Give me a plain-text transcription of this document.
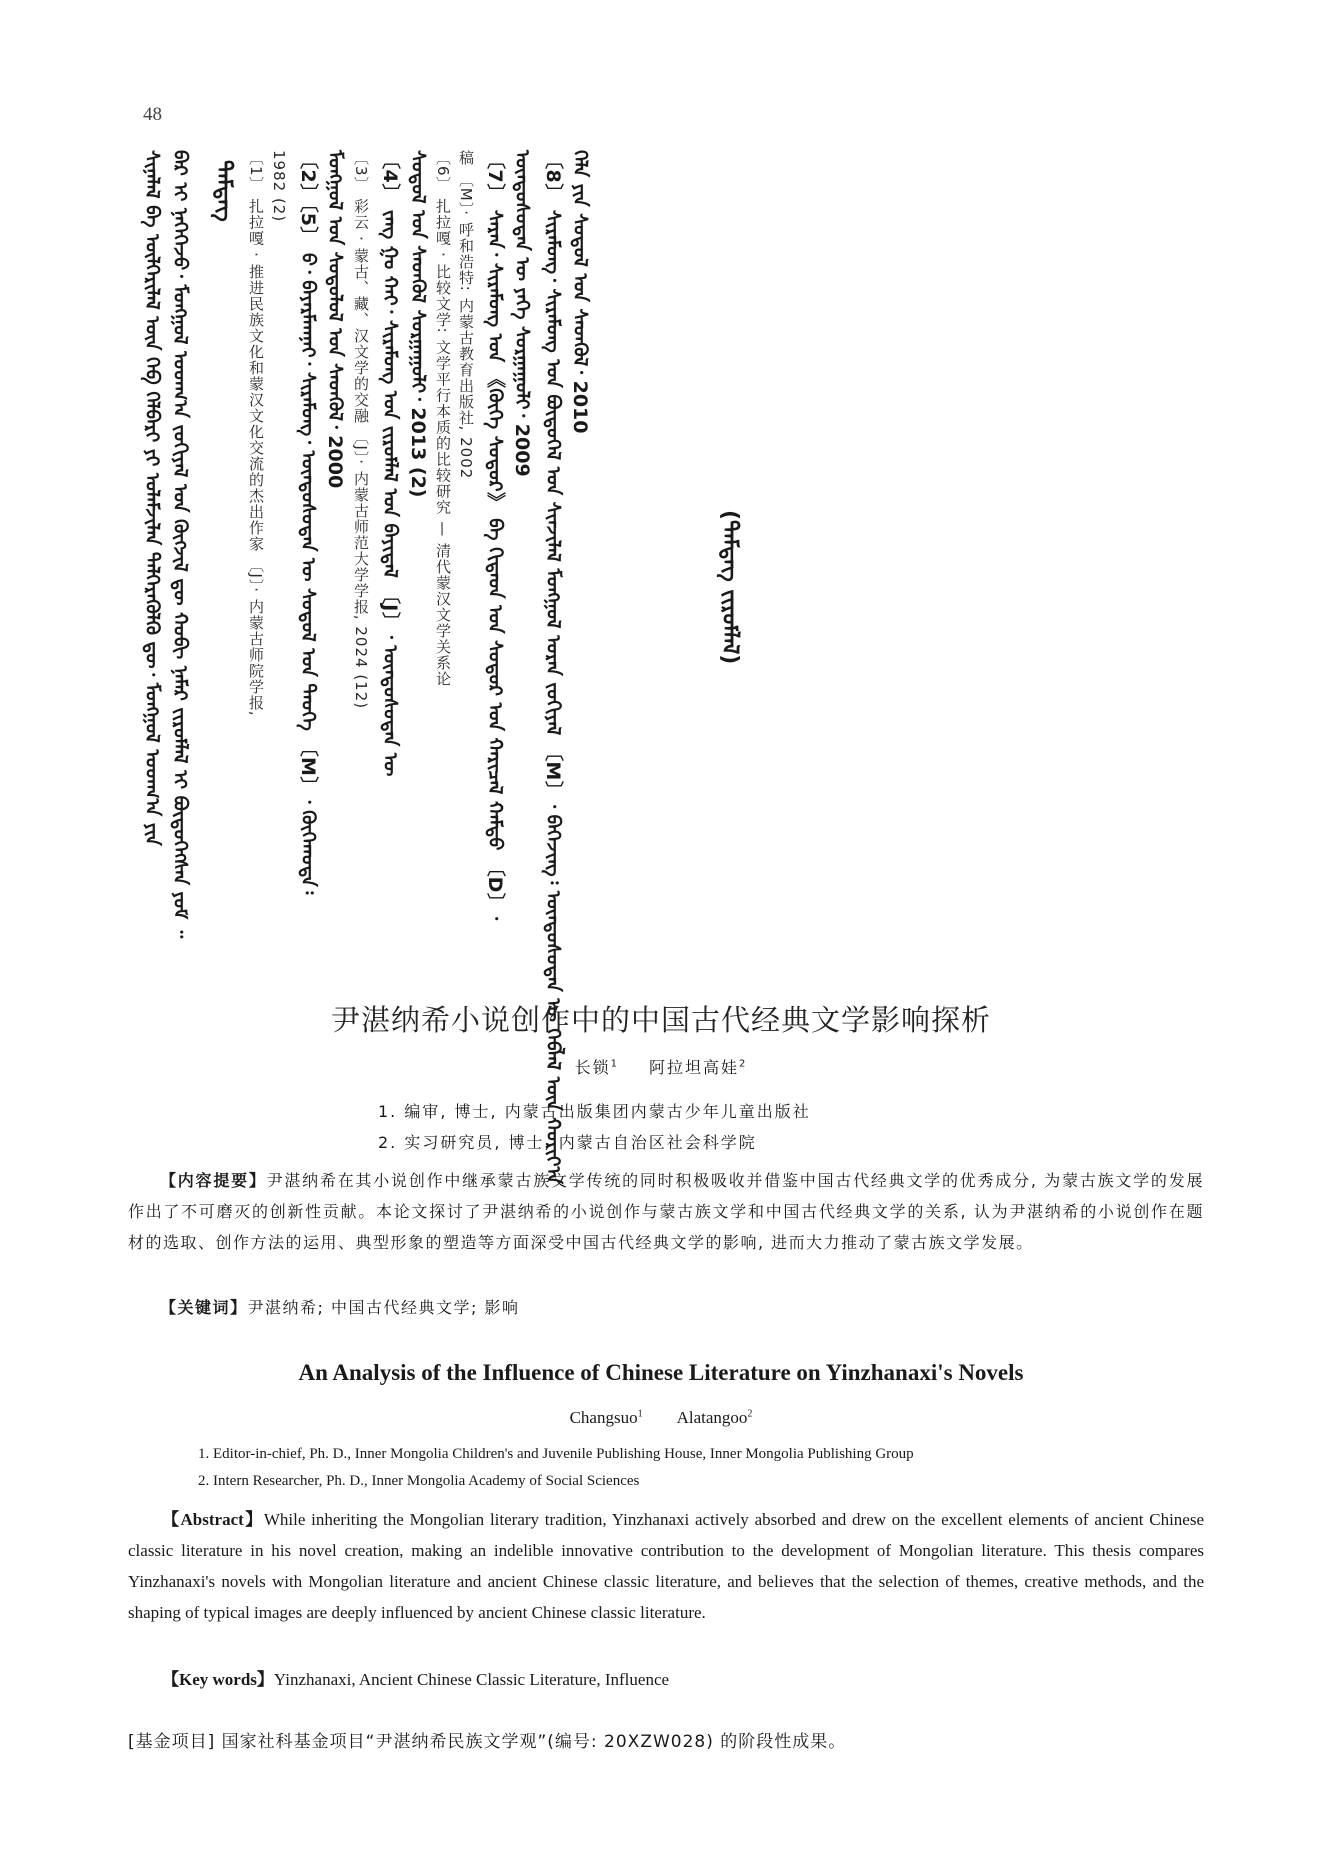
48
(ᠲᠡᠮᠳᠡᠭ ᠵᠢᠷᠤᠮᠯᠠᠯ)
ᠬᠡᠯᠡ ᠶᠢᠨ ᠰᠤᠳᠤᠯ ᠤᠨ ᠰᠡᠳᠭᠦᠯ᠂ 2010
〔8〕 ᠰᠢᠷᠠᠮᠤᠩ᠂ ᠰᠢᠷᠠᠮᠤᠩ ᠤᠨ ᠪᠦᠲᠦᠭᠡᠯ ᠤᠨ ᠰᠢᠨᠵᠢᠯᠡᠯ ᠮᠣᠩᠭᠣᠯ ᠤᠷᠠᠨ ᠵᠣᠬᠢᠶᠠᠯ 〔M〕᠂ ᠪᠡᠭᠡᠵᠢᠩ᠄ ᠦᠨᠳᠦᠰᠦᠲᠡᠨ ᠦ ᠬᠡᠪᠯᠡᠯ ᠦᠨ ᠬᠣᠷᠢᠶ᠎ᠠ
ᠦᠨᠳᠦᠰᠦᠲᠡᠨ ᠦ ᠶᠡᠬᠡ ᠰᠤᠷᠭᠠᠭᠤᠯᠢ᠂ 2009
〔7〕 ᠰᠠᠷᠠᠨ᠂ ᠰᠢᠷᠠᠮᠤᠩ ᠤᠨ 《ᠬᠥᠬᠡ ᠰᠤᠳᠤᠷ》 ᠪᠠ ᠬᠢᠲᠠᠳ ᠤᠨ ᠰᠤᠳᠤᠷ ᠤᠨ ᠬᠠᠷᠢᠴᠠᠯ ᠬᠠᠮᠲᠤ 〔D〕᠂
稿 〔M〕· 呼和浩特: 内蒙古教育出版社, 2002
〔6〕 扎拉嘎 · 比较文学: 文学平行本质的比较研究 — 清代蒙汉文学关系论
ᠰᠤᠳᠤᠯ ᠤᠨ ᠰᠡᠳᠭᠦᠯ ᠰᠤᠷᠭᠠᠭᠤᠯᠢ᠂ 2013 (2)
〔4〕 ᠵᠠᠩ ᠭᠤ ᠬᠠᠢ᠂ ᠰᠢᠷᠠᠮᠤᠩ ᠤᠨ ᠵᠢᠷᠤᠮᠯᠠᠯ ᠤᠨ ᠪᠠᠶᠢᠳᠠᠯ 〔J〕᠂ ᠦᠨᠳᠦᠰᠦᠲᠡᠨ ᠦ
〔3〕 彩云 · 蒙古、藏、汉文学的交融 〔J〕· 内蒙古师范大学学报, 2024 (12)
ᠮᠣᠩᠭᠣᠯ ᠤᠨ ᠰᠤᠳᠤᠯᠤᠯ ᠤᠨ ᠰᠡᠳᠭᠦᠯ᠂ 2000
〔2〕〔5〕 ᠪ᠂ ᠪᠠᠶᠠᠷᠮᠠᠭᠨᠠᠢ᠂ ᠰᠢᠷᠠᠮᠤᠩ᠂ ᠦᠨᠳᠦᠰᠦᠲᠡᠨ ᠦ ᠰᠤᠳᠤᠯ ᠤᠨ ᠲᠡᠦᠬᠡ 〔M〕᠂ ᠬᠥᠬᠡᠬᠣᠲᠠ᠄
1982 (2)
〔1〕 扎拉嘎 · 推进民族文化和蒙汉文化交流的杰出作家 〔J〕· 内蒙古师院学报,
ᠲᠡᠮᠳᠡᠭ
ᠪᠡᠷ ᠢ ᠨᠡᠭᠡᠭᠡᠵᠦ᠂ ᠮᠣᠩᠭᠣᠯ ᠤᠳᠬ᠎ᠠ ᠵᠣᠬᠢᠶᠠᠯ ᠤᠨ ᠬᠥᠭᠵᠢᠯ ᠳᠦ ᠬᠤᠪᠢ ᠨᠡᠮᠡᠷ ᠵᠢᠷᠤᠮᠯᠠᠯ ᠢ ᠪᠦᠲᠦᠭᠡᠭᠰᠡᠨ ᠶᠤᠮ ᠃
ᠰᠢᠨᠡᠯᠡᠯ ᠪᠠ ᠦᠯᠭᠡᠷᠢᠯᠡᠯ ᠦᠨ ᠬᠡᠪ ᠬᠡᠯᠪᠡᠷᠢ ᠶᠢ ᠤᠯᠠᠮᠵᠢᠯᠠᠨ ᠳᠡᠯᠭᠡᠷᠡᠭᠦᠯᠬᠦ ᠳᠦ᠂ ᠮᠣᠩᠭᠣᠯ ᠤᠳᠬ᠎ᠠ ᠶᠢᠨ
尹湛纳希小说创作中的中国古代经典文学影响探析
长锁$^1$ 阿拉坦高娃$^2$
1. 编审, 博士, 内蒙古出版集团内蒙古少年儿童出版社
2. 实习研究员, 博士, 内蒙古自治区社会科学院

【内容提要】尹湛纳希在其小说创作中继承蒙古族文学传统的同时积极吸收并借鉴中国古代经典文学的优秀成分, 为蒙古族文学的发展作出了不可磨灭的创新性贡献。本论文探讨了尹湛纳希的小说创作与蒙古族文学和中国古代经典文学的关系, 认为尹湛纳希的小说创作在题材的选取、创作方法的运用、典型形象的塑造等方面深受中国古代经典文学的影响, 进而大力推动了蒙古族文学发展。

【关键词】尹湛纳希; 中国古代经典文学; 影响
An Analysis of the Influence of Chinese Literature on Yinzhanaxi's Novels
Changsuo$^1$ Alatangoo$^2$
1. Editor-in-chief, Ph. D., Inner Mongolia Children's and Juvenile Publishing House, Inner Mongolia Publishing Group
2. Intern Researcher, Ph. D., Inner Mongolia Academy of Social Sciences

【Abstract】While inheriting the Mongolian literary tradition, Yinzhanaxi actively absorbed and drew on the excellent elements of ancient Chinese classic literature in his novel creation, making an indelible innovative contribution to the development of Mongolian literature. This thesis compares Yinzhanaxi's novels with Mongolian literature and ancient Chinese classic literature, and believes that the selection of themes, creative methods, and the shaping of typical images are deeply influenced by ancient Chinese classic literature.

【Key words】Yinzhanaxi, Ancient Chinese Classic Literature, Influence
[基金项目] 国家社科基金项目“尹湛纳希民族文学观”(编号: 20XZW028) 的阶段性成果。
